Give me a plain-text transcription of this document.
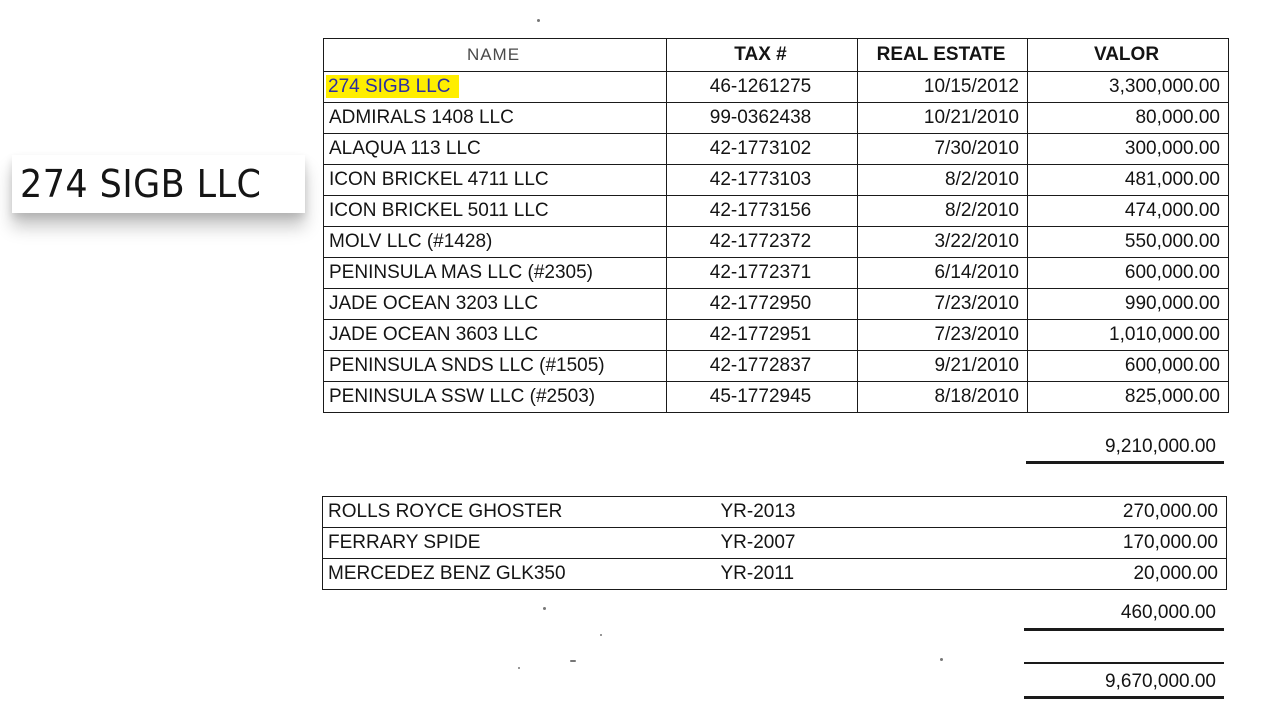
274 SIGB LLC
NAME	TAX #	REAL ESTATE	VALOR
274 SIGB LLC	46-1261275	10/15/2012	3,300,000.00
ADMIRALS 1408 LLC	99-0362438	10/21/2010	80,000.00
ALAQUA 113 LLC	42-1773102	7/30/2010	300,000.00
ICON BRICKEL 4711 LLC	42-1773103	8/2/2010	481,000.00
ICON BRICKEL 5011 LLC	42-1773156	8/2/2010	474,000.00
MOLV LLC (#1428)	42-1772372	3/22/2010	550,000.00
PENINSULA MAS LLC (#2305)	42-1772371	6/14/2010	600,000.00
JADE OCEAN 3203 LLC	42-1772950	7/23/2010	990,000.00
JADE OCEAN 3603 LLC	42-1772951	7/23/2010	1,010,000.00
PENINSULA SNDS LLC (#1505)	42-1772837	9/21/2010	600,000.00
PENINSULA SSW LLC (#2503)	45-1772945	8/18/2010	825,000.00
9,210,000.00
ROLLS ROYCE GHOSTER	YR-2013	270,000.00
FERRARY SPIDE	YR-2007	170,000.00
MERCEDEZ BENZ GLK350	YR-2011	20,000.00
460,000.00
9,670,000.00
